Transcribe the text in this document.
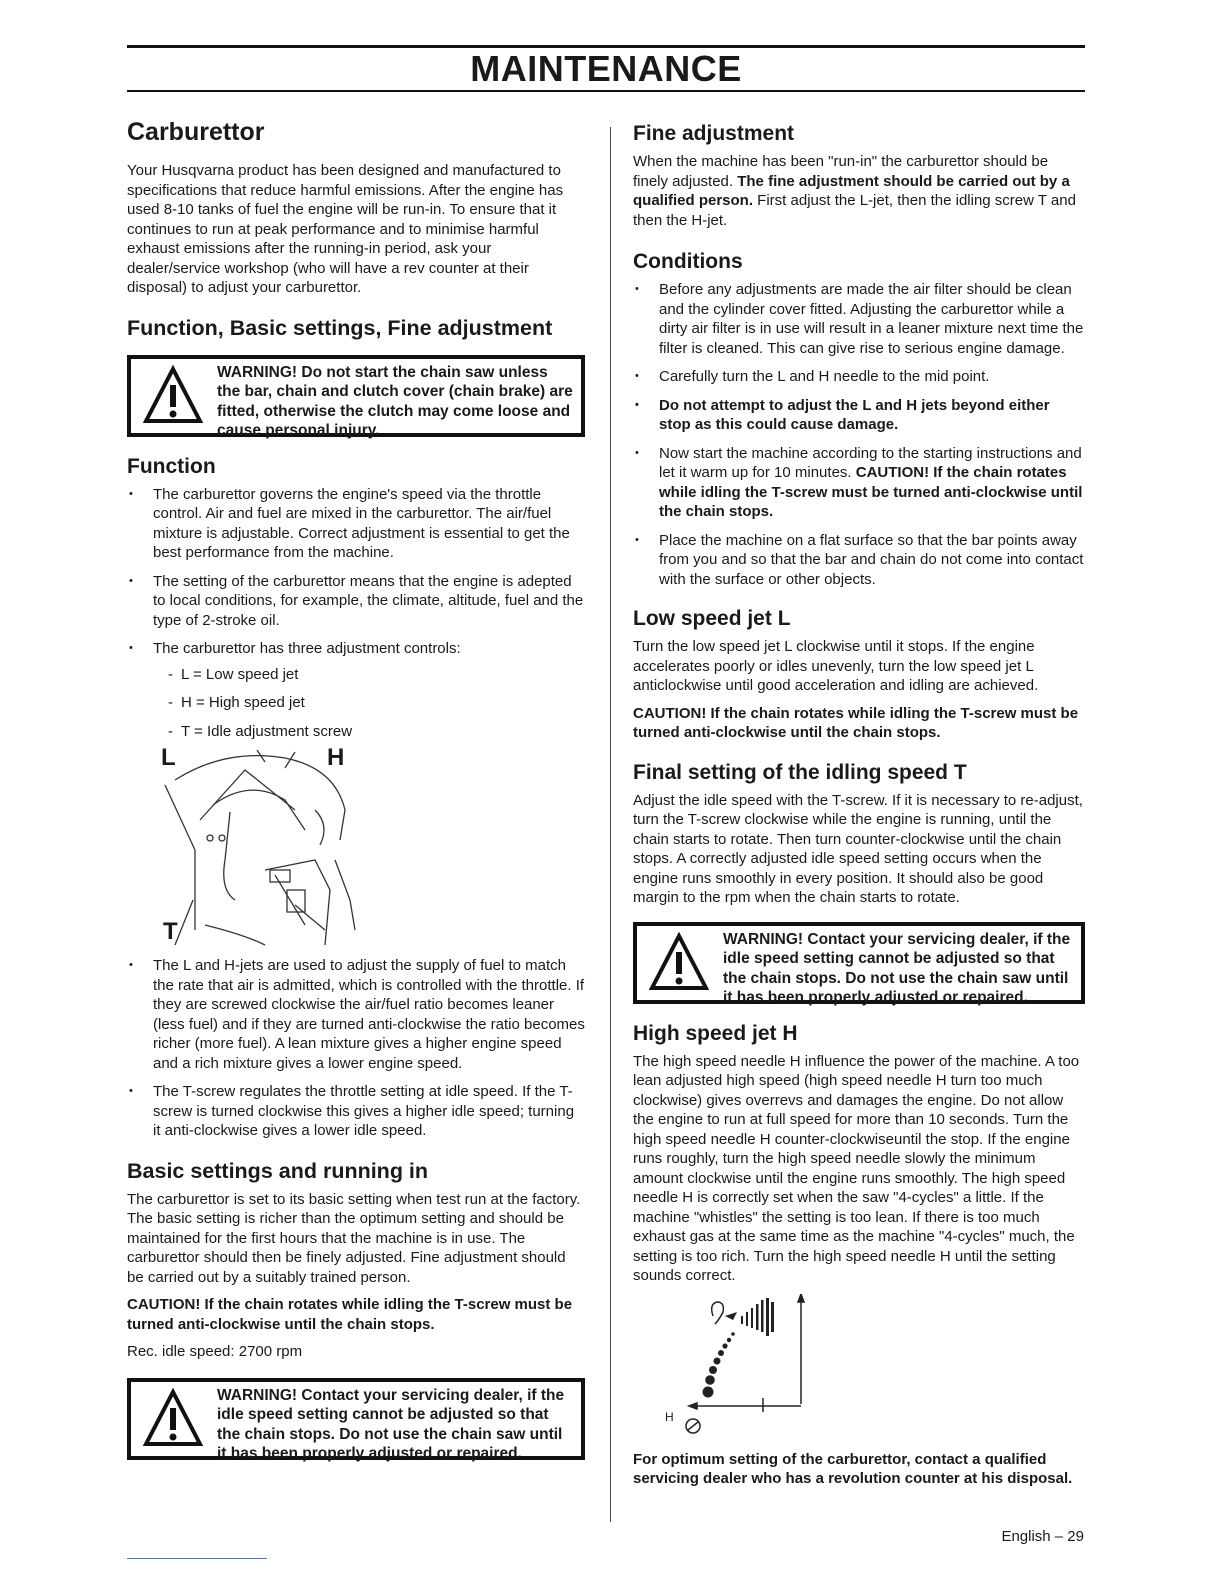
MAINTENANCE
Carburettor

Your Husqvarna product has been designed and manufactured to specifications that reduce harmful emissions. After the engine has used 8-10 tanks of fuel the engine will be run-in. To ensure that it continues to run at peak performance and to minimise harmful exhaust emissions after the running-in period, ask your dealer/service workshop (who will have a rev counter at their disposal) to adjust your carburettor.

Function, Basic settings, Fine adjustment
WARNING! Do not start the chain saw unless the bar, chain and clutch cover (chain brake) are fitted, otherwise the clutch may come loose and cause personal injury.
Function
• The carburettor governs the engine's speed via the throttle control. Air and fuel are mixed in the carburettor. The air/fuel mixture is adjustable. Correct adjustment is essential to get the best performance from the machine.
• The setting of the carburettor means that the engine is adepted to local conditions, for example, the climate, altitude, fuel and the type of 2-stroke oil.
• The carburettor has three adjustment controls:
- L = Low speed jet
- H = High speed jet
- T = Idle adjustment screw
L	H
T
• The L and H-jets are used to adjust the supply of fuel to match the rate that air is admitted, which is controlled with the throttle. If they are screwed clockwise the air/fuel ratio becomes leaner (less fuel) and if they are turned anti-clockwise the ratio becomes richer (more fuel). A lean mixture gives a higher engine speed and a rich mixture gives a lower engine speed.
• The T-screw regulates the throttle setting at idle speed. If the T-screw is turned clockwise this gives a higher idle speed; turning it anti-clockwise gives a lower idle speed.
Basic settings and running in

The carburettor is set to its basic setting when test run at the factory. The basic setting is richer than the optimum setting and should be maintained for the first hours that the machine is in use. The carburettor should then be finely adjusted. Fine adjustment should be carried out by a suitably trained person.

CAUTION! If the chain rotates while idling the T-screw must be turned anti-clockwise until the chain stops.

Rec. idle speed: 2700 rpm

WARNING! Contact your servicing dealer, if the idle speed setting cannot be adjusted so that the chain stops. Do not use the chain saw until it has been properly adjusted or repaired.
Fine adjustment

When the machine has been "run-in" the carburettor should be finely adjusted. The fine adjustment should be carried out by a qualified person. First adjust the L-jet, then the idling screw T and then the H-jet.

Conditions
• Before any adjustments are made the air filter should be clean and the cylinder cover fitted. Adjusting the carburettor while a dirty air filter is in use will result in a leaner mixture next time the filter is cleaned. This can give rise to serious engine damage.
• Carefully turn the L and H needle to the mid point.
• Do not attempt to adjust the L and H jets beyond either stop as this could cause damage.
• Now start the machine according to the starting instructions and let it warm up for 10 minutes. CAUTION! If the chain rotates while idling the T-screw must be turned anti-clockwise until the chain stops.
• Place the machine on a flat surface so that the bar points away from you and so that the bar and chain do not come into contact with the surface or other objects.
Low speed jet L

Turn the low speed jet L clockwise until it stops. If the engine accelerates poorly or idles unevenly, turn the low speed jet L anticlockwise until good acceleration and idling are achieved.

CAUTION! If the chain rotates while idling the T-screw must be turned anti-clockwise until the chain stops.

Final setting of the idling speed T

Adjust the idle speed with the T-screw. If it is necessary to re-adjust, turn the T-screw clockwise while the engine is running, until the chain starts to rotate. Then turn counter-clockwise until the chain stops. A correctly adjusted idle speed setting occurs when the engine runs smoothly in every position. It should also be good margin to the rpm when the chain starts to rotate.

WARNING! Contact your servicing dealer, if the idle speed setting cannot be adjusted so that the chain stops. Do not use the chain saw until it has been properly adjusted or repaired.
High speed jet H

The high speed needle H influence the power of the machine. A too lean adjusted high speed (high speed needle H turn too much clockwise) gives overrevs and damages the engine. Do not allow the engine to run at full speed for more than 10 seconds. Turn the high speed needle H counter-clockwiseuntil the stop. If the engine runs roughly, turn the high speed needle slowly the minimum amount clockwise until the engine runs smoothly. The high speed needle H is correctly set when the saw "4-cycles" a little. If the machine "whistles" the setting is too lean. If there is too much exhaust gas at the same time as the machine "4-cycles" much, the setting is too rich. Turn the high speed needle H until the setting sounds correct.

H

For optimum setting of the carburettor, contact a qualified servicing dealer who has a revolution counter at his disposal.

English – 29
